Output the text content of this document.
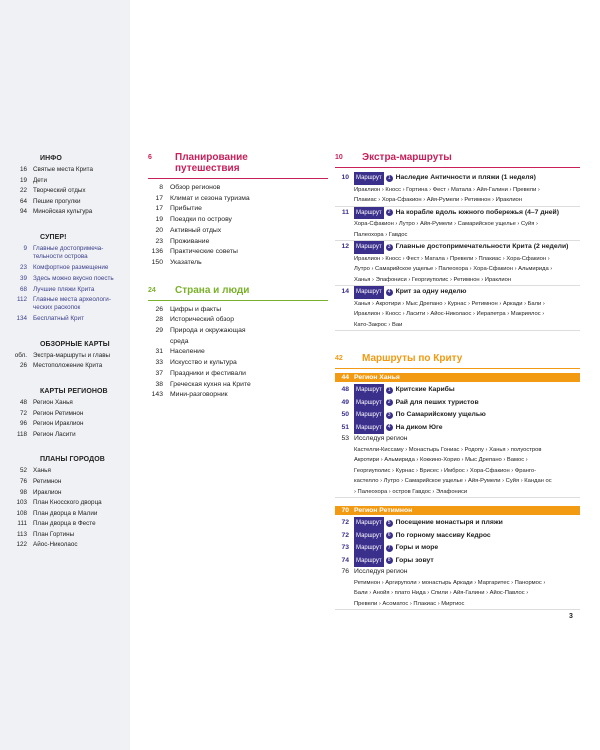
ИНФО
16 Святые места Крита
19 Дети
22 Творческий отдых
64 Пешие прогулки
94 Минойская культура
СУПЕР!
9 Главные достопримеча-тельности острова
23 Комфортное размещение
39 Здесь можно вкусно поесть
68 Лучшие пляжи Крита
112 Главные места археологи-ческих раскопок
134 Бесплатный Крит
ОБЗОРНЫЕ КАРТЫ
обл. Экстра-маршруты и главы
26 Местоположение Крита
КАРТЫ РЕГИОНОВ
48 Регион Ханья
72 Регион Ретимнон
96 Регион Ираклион
118 Регион Ласити
ПЛАНЫ ГОРОДОВ
52 Ханья
76 Ретимнон
98 Ираклион
103 План Кносского дворца
108 План дворца в Малии
111 План дворца в Фесте
113 План Гортины
122 Айос-Николаос
6	Планирование
путешествия
8	Обзор регионов
17	Климат и сезона туризма
17	Прибытие
19	Поездки по острову
20	Активный отдых
23	Проживание
136	Практические советы
150	Указатель
24	Страна и люди
26	Цифры и факты
28	Исторический обзор
29	Природа и окружающая
среда
31	Население
33	Искусство и культура
37	Праздники и фестивали
38	Греческая кухня на Крите
143	Мини-разговорник
10	Экстра-маршруты
10	Маршрут	1 Наследие Античности и пляжи (1 неделя)
Ираклион › Кносс › Гортина › Фест › Матала › Айя-Галини › Превели ›
Плакиас › Хора-Сфакион › Айя-Румели › Ретимнон › Ираклион
11	Маршрут	2 На корабле вдоль южного побережья (4–7 дней)
Хора-Сфакион › Лутро › Айя-Румели › Самарийское ущелье › Суйя ›
Палеохора › Гавдос
12	Маршрут	3 Главные достопримечательности Крита (2 недели)
Ираклион › Кносс › Фест › Матала › Превели › Плакиас › Хора-Сфакион ›
Лутро › Самарийское ущелье › Палеохора › Хора-Сфакион › Альмирида ›
Ханья › Элафониси › Георгиуполис › Ретимнон › Ираклион
14	Маршрут	4 Крит за одну неделю
Ханья › Акротири › Мыс Дрепано › Курнас › Ретимнон › Аркади › Бали ›
Ираклион › Кносс › Ласити › Айос-Николаос › Иерапетра › Макриялос ›
Като-Закрос › Ваи
42	Маршруты по Криту
44 Регион Ханья
48	Маршрут	1 Критские Карибы
49	Маршрут	2 Рай для пеших туристов
50	Маршрут	3 По Самарийскому ущелью
51	Маршрут	4 На диком Юге
53 Исследуя регион
Кастелли-Киссаму › Монастырь Гониас › Родопу › Ханья › полуостров
Акротири › Альмирида › Коккино-Хорио › Мыс Дрепано › Вамос ›
Георгиуполис › Курнас › Врисес › Имброс › Хора-Сфакион › Франго-
кастелло › Лутро › Самарийское ущелье › Айя-Румели › Суйя › Кандан ос
› Палеохора › остров Гавдос › Элафониси
70 Регион Ретимнон
72	Маршрут	5 Посещение монастыря и пляжи
72	Маршрут	6 По горному массиву Кедрос
73	Маршрут	7 Горы и море
74	Маршрут	8 Горы зовут
76 Исследуя регион
Ретимнон › Аргируполи › монастырь Аркади › Маргаритес › Панормос ›
Бали › Анойя › плато Нида › Спили › Айя-Галини › Айос-Павлос ›
Превели › Асоматос › Плакиас › Миртиос
3
